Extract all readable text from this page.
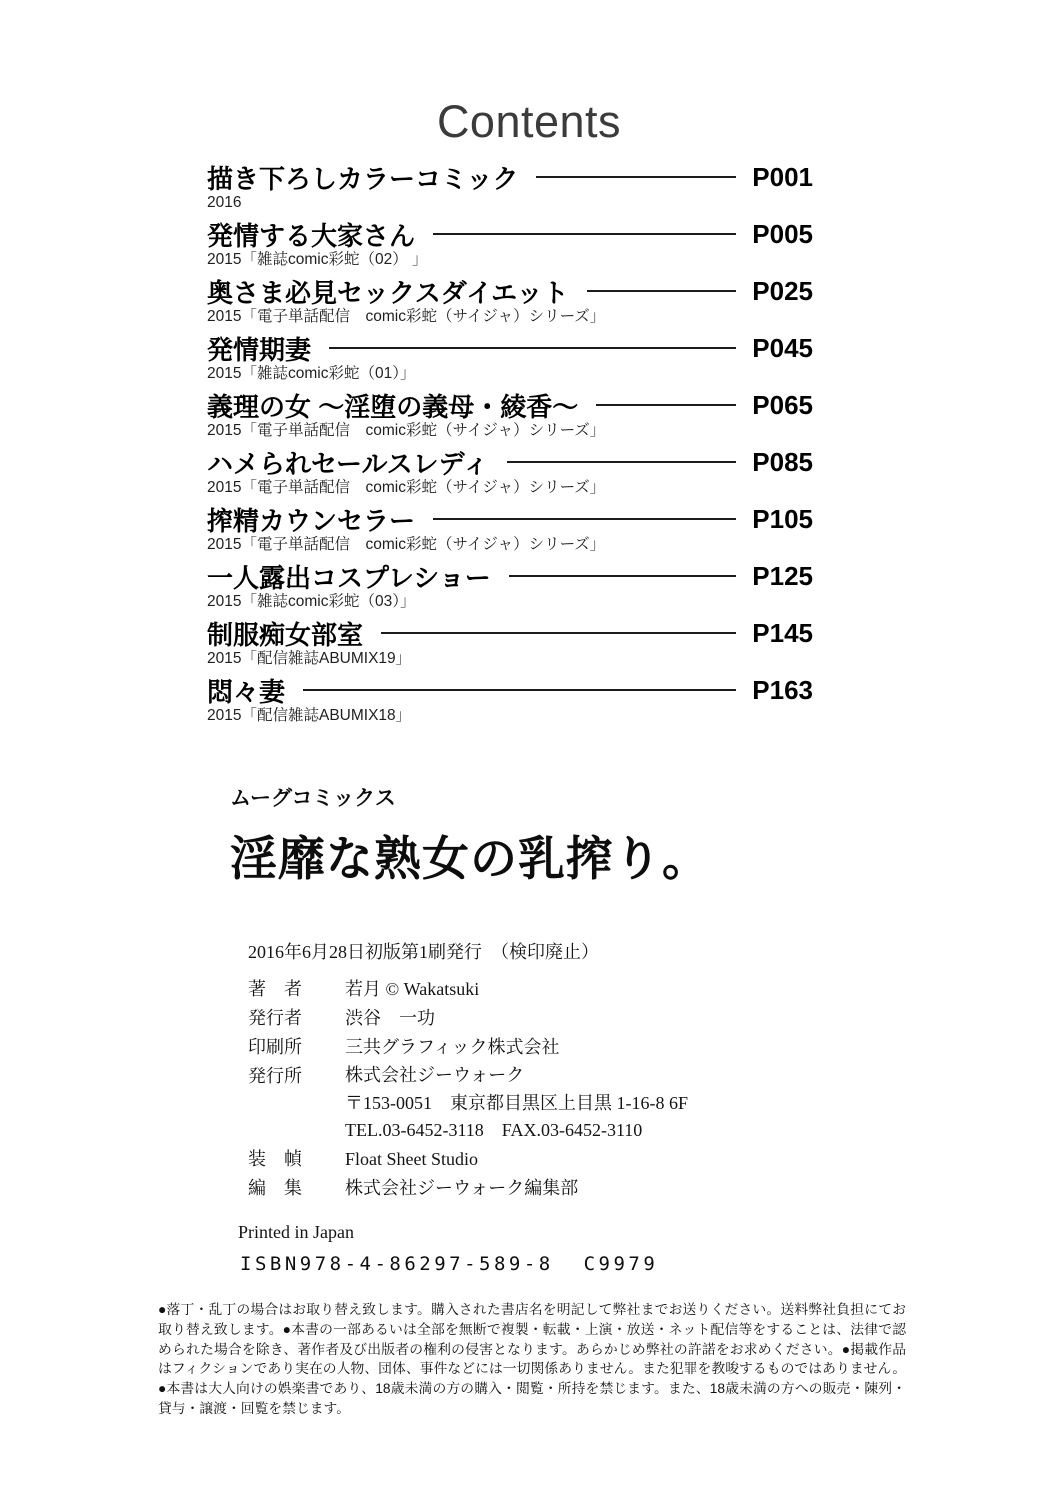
Contents
描き下ろしカラーコミック	P001
2016
発情する大家さん	P005
2015「雑誌comic彩蛇（02） 」
奥さま必見セックスダイエット	P025
2015「電子単話配信　comic彩蛇（サイジャ）シリーズ」
発情期妻	P045
2015「雑誌comic彩蛇（01）」
義理の女 ～淫堕の義母・綾香～	P065
2015「電子単話配信　comic彩蛇（サイジャ）シリーズ」
ハメられセールスレディ	P085
2015「電子単話配信　comic彩蛇（サイジャ）シリーズ」
搾精カウンセラー	P105
2015「電子単話配信　comic彩蛇（サイジャ）シリーズ」
一人露出コスプレショー	P125
2015「雑誌comic彩蛇（03）」
制服痴女部室	P145
2015「配信雑誌ABUMIX19」
悶々妻	P163
2015「配信雑誌ABUMIX18」
ムーグコミックス
淫靡な熟女の乳搾り。
2016年6月28日初版第1刷発行　（検印廃止）
著　者 若月 © Wakatsuki
発行者 渋谷　一功
印刷所 三共グラフィック株式会社
発行所 株式会社ジーウォーク
〒153-0051　東京都目黒区上目黒 1-16-8 6F
TEL.03-6452-3118　FAX.03-6452-3110
装　幀 Float Sheet Studio
編　集 株式会社ジーウォーク編集部
Printed in Japan
ISBN978-4-86297-589-8  C9979
●落丁・乱丁の場合はお取り替え致します。購入された書店名を明記して弊社までお送りください。送料弊社負担にてお取り替え致します。●本書の一部あるいは全部を無断で複製・転載・上演・放送・ネット配信等をすることは、法律で認められた場合を除き、著作者及び出版者の権利の侵害となります。あらかじめ弊社の許諾をお求めください。●掲載作品はフィクションであり実在の人物、団体、事件などには一切関係ありません。また犯罪を教唆するものではありません。●本書は大人向けの娯楽書であり、18歳未満の方の購入・閲覧・所持を禁じます。また、18歳未満の方への販売・陳列・貸与・譲渡・回覧を禁じます。
